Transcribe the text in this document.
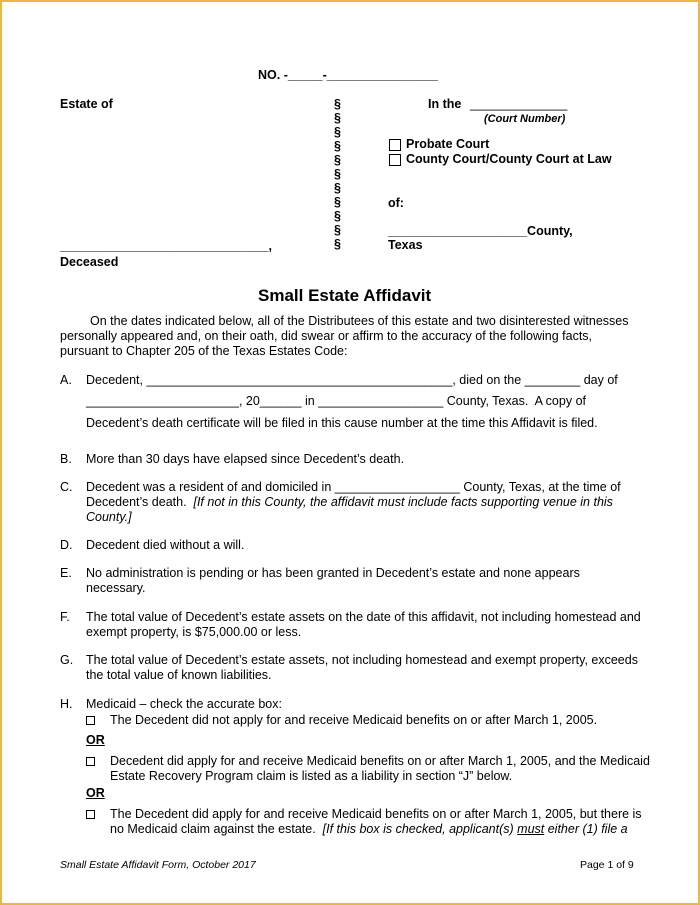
NO. -_____-________________
Estate of	§
§
§
§
§
§
§
§
§
§
§
In the ______________
(Court Number)
Probate Court
County Court/County Court at Law
of:
____________________County,
Texas
______________________________,
Deceased
Small Estate Affidavit
On the dates indicated below, all of the Distributees of this estate and two disinterested witnesses
personally appeared and, on their oath, did swear or affirm to the accuracy of the following facts,
pursuant to Chapter 205 of the Texas Estates Code:
A. Decedent, ____________________________________________, died on the ________ day of
______________________, 20______ in __________________ County, Texas.  A copy of
Decedent’s death certificate will be filed in this cause number at the time this Affidavit is filed.
B. More than 30 days have elapsed since Decedent’s death.
C. Decedent was a resident of and domiciled in __________________ County, Texas, at the time of
Decedent’s death.  [If not in this County, the affidavit must include facts supporting venue in this
County.]
D. Decedent died without a will.
E. No administration is pending or has been granted in Decedent’s estate and none appears
necessary.
F. The total value of Decedent’s estate assets on the date of this affidavit, not including homestead and
exempt property, is $75,000.00 or less.
G. The total value of Decedent’s estate assets, not including homestead and exempt property, exceeds
the total value of known liabilities.
H. Medicaid – check the accurate box:
The Decedent did not apply for and receive Medicaid benefits on or after March 1, 2005.
OR
Decedent did apply for and receive Medicaid benefits on or after March 1, 2005, and the Medicaid
Estate Recovery Program claim is listed as a liability in section “J” below.
OR
The Decedent did apply for and receive Medicaid benefits on or after March 1, 2005, but there is
no Medicaid claim against the estate.  [If this box is checked, applicant(s) must either (1) file a
Small Estate Affidavit Form, October 2017	Page 1 of 9
